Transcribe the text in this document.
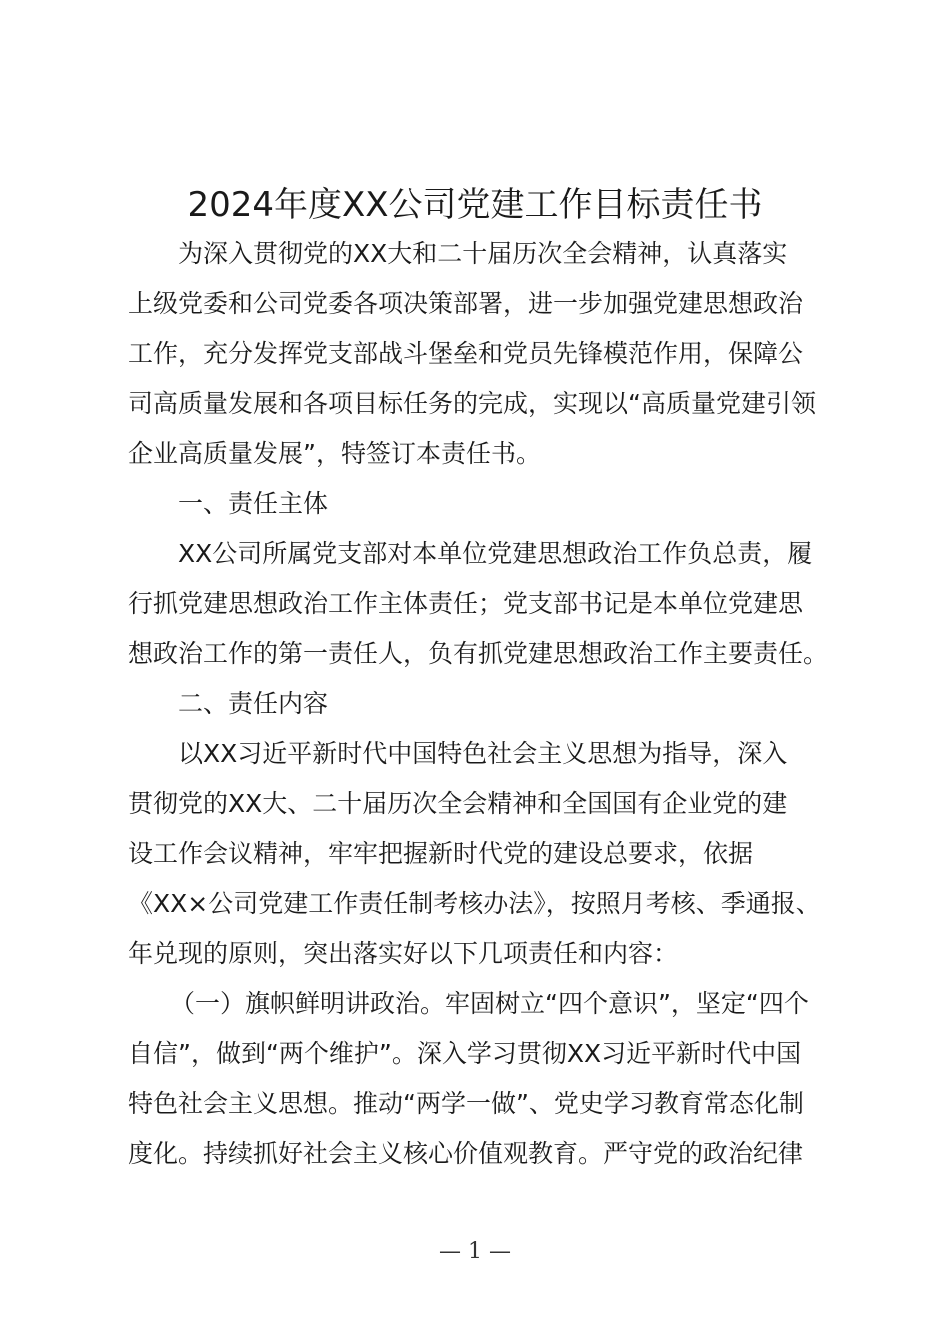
2024年度XX公司党建工作目标责任书
为深入贯彻党的XX大和二十届历次全会精神，认真落实
上级党委和公司党委各项决策部署，进一步加强党建思想政治
工作，充分发挥党支部战斗堡垒和党员先锋模范作用，保障公
司高质量发展和各项目标任务的完成，实现以“高质量党建引领
企业高质量发展”，特签订本责任书。
一、责任主体
XX公司所属党支部对本单位党建思想政治工作负总责，履
行抓党建思想政治工作主体责任；党支部书记是本单位党建思
想政治工作的第一责任人，负有抓党建思想政治工作主要责任。
二、责任内容
以XX习近平新时代中国特色社会主义思想为指导，深入
贯彻党的XX大、二十届历次全会精神和全国国有企业党的建
设工作会议精神，牢牢把握新时代党的建设总要求，依据
《XX×公司党建工作责任制考核办法》，按照月考核、季通报、
年兑现的原则，突出落实好以下几项责任和内容：
（一）旗帜鲜明讲政治。牢固树立“四个意识”，坚定“四个
自信”，做到“两个维护”。深入学习贯彻XX习近平新时代中国
特色社会主义思想。推动“两学一做”、党史学习教育常态化制
度化。持续抓好社会主义核心价值观教育。严守党的政治纪律
— 1 —
